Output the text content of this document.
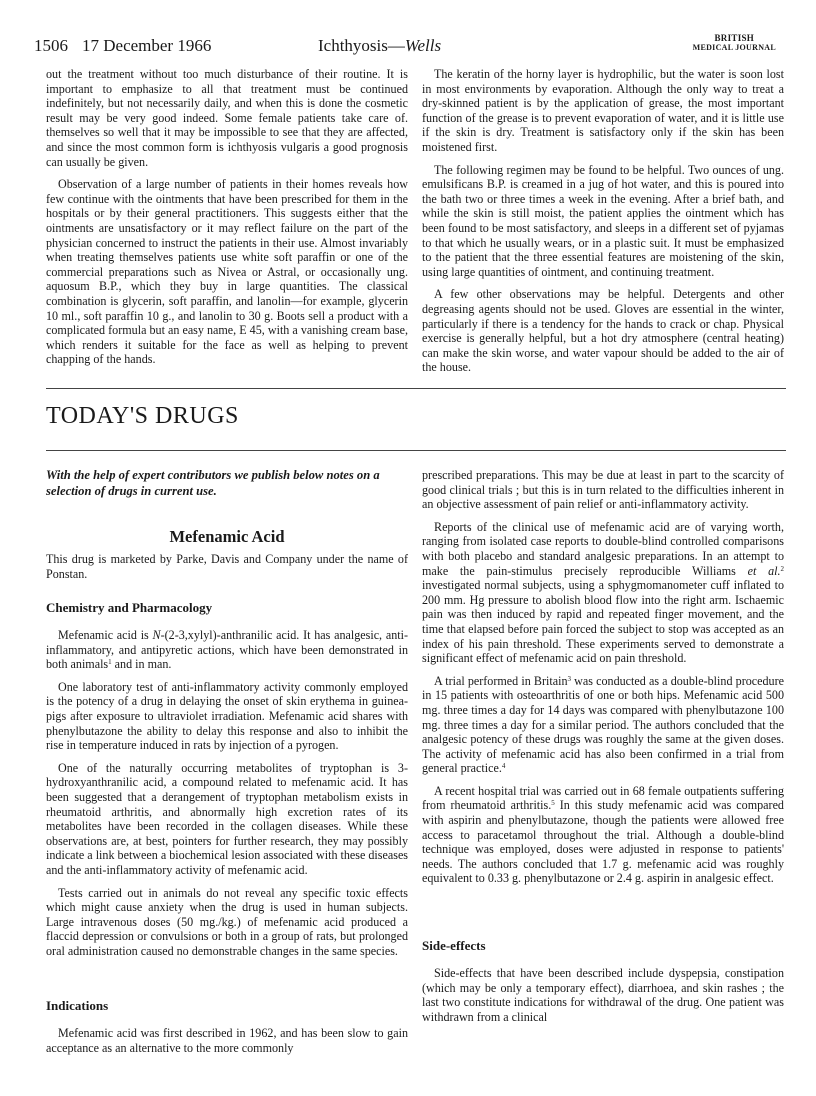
1506 17 December 1966	Ichthyosis—Wells	BRITISH
MEDICAL JOURNAL

out the treatment without too much disturbance of their routine. It is important to emphasize to all that treatment must be continued indefinitely, but not necessarily daily, and when this is done the cosmetic result may be very good indeed. Some female patients take care of. themselves so well that it may be impossible to see that they are affected, and since the most common form is ichthyosis vulgaris a good prognosis can usually be given.

Observation of a large number of patients in their homes reveals how few continue with the ointments that have been prescribed for them in the hospitals or by their general practitioners. This suggests either that the ointments are unsatisfactory or it may reflect failure on the part of the physician concerned to instruct the patients in their use. Almost invariably when treating themselves patients use white soft paraffin or one of the commercial preparations such as Nivea or Astral, or occasionally ung. aquosum B.P., which they buy in large quantities. The classical combination is glycerin, soft paraffin, and lanolin—for example, glycerin 10 ml., soft paraffin 10 g., and lanolin to 30 g. Boots sell a product with a complicated formula but an easy name, E 45, with a vanishing cream base, which renders it suitable for the face as well as helping to prevent chapping of the hands.

The keratin of the horny layer is hydrophilic, but the water is soon lost in most environments by evaporation. Although the only way to treat a dry-skinned patient is by the application of grease, the most important function of the grease is to prevent evaporation of water, and it is little use if the skin is dry. Treatment is satisfactory only if the skin has been moistened first.

The following regimen may be found to be helpful. Two ounces of ung. emulsificans B.P. is creamed in a jug of hot water, and this is poured into the bath two or three times a week in the evening. After a brief bath, and while the skin is still moist, the patient applies the ointment which has been found to be most satisfactory, and sleeps in a different set of pyjamas to that which he usually wears, or in a plastic suit. It must be emphasized to the patient that the three essential features are moistening of the skin, using large quantities of ointment, and continuing treatment.

A few other observations may be helpful. Detergents and other degreasing agents should not be used. Gloves are essential in the winter, particularly if there is a tendency for the hands to crack or chap. Physical exercise is generally helpful, but a hot dry atmosphere (central heating) can make the skin worse, and water vapour should be added to the air of the house.

TODAY'S DRUGS
With the help of expert contributors we publish below notes on a selection of drugs in current use.
Mefenamic Acid

This drug is marketed by Parke, Davis and Company under the name of Ponstan.

Chemistry and Pharmacology

Mefenamic acid is N-(2-3,xylyl)-anthranilic acid. It has analgesic, anti-inflammatory, and antipyretic actions, which have been demonstrated in both animals$^1$ and in man.

One laboratory test of anti-inflammatory activity commonly employed is the potency of a drug in delaying the onset of skin erythema in guinea-pigs after exposure to ultraviolet irradiation. Mefenamic acid shares with phenylbutazone the ability to delay this response and also to inhibit the rise in temperature induced in rats by injection of a pyrogen.

One of the naturally occurring metabolites of tryptophan is 3-hydroxyanthranilic acid, a compound related to mefenamic acid. It has been suggested that a derangement of tryptophan metabolism exists in rheumatoid arthritis, and abnormally high excretion rates of its metabolites have been recorded in the collagen diseases. While these observations are, at best, pointers for further research, they may possibly indicate a link between a biochemical lesion associated with these diseases and the anti-inflammatory activity of mefenamic acid.

Tests carried out in animals do not reveal any specific toxic effects which might cause anxiety when the drug is used in human subjects. Large intravenous doses (50 mg./kg.) of mefenamic acid produced a flaccid depression or convulsions or both in a group of rats, but prolonged oral administration caused no demonstrable changes in the same species.

Indications

Mefenamic acid was first described in 1962, and has been slow to gain acceptance as an alternative to the more commonly

prescribed preparations. This may be due at least in part to the scarcity of good clinical trials ; but this is in turn related to the difficulties inherent in an objective assessment of pain relief or anti-inflammatory activity.

Reports of the clinical use of mefenamic acid are of varying worth, ranging from isolated case reports to double-blind controlled comparisons with both placebo and standard analgesic preparations. In an attempt to make the pain-stimulus precisely reproducible Williams et al.$^2$ investigated normal subjects, using a sphygmomanometer cuff inflated to 200 mm. Hg pressure to abolish blood flow into the right arm. Ischaemic pain was then induced by rapid and repeated finger movement, and the time that elapsed before pain forced the subject to stop was accepted as an index of his pain threshold. These experiments served to demonstrate a significant effect of mefenamic acid on pain threshold.

A trial performed in Britain$^3$ was conducted as a double-blind procedure in 15 patients with osteoarthritis of one or both hips. Mefenamic acid 500 mg. three times a day for 14 days was compared with phenylbutazone 100 mg. three times a day for a similar period. The authors concluded that the analgesic potency of these drugs was roughly the same at the given doses. The activity of mefenamic acid has also been confirmed in a trial from general practice.$^4$

A recent hospital trial was carried out in 68 female outpatients suffering from rheumatoid arthritis.$^5$ In this study mefenamic acid was compared with aspirin and phenylbutazone, though the patients were allowed free access to paracetamol throughout the trial. Although a double-blind technique was employed, doses were adjusted in response to patients' needs. The authors concluded that 1.7 g. mefenamic acid was roughly equivalent to 0.33 g. phenylbutazone or 2.4 g. aspirin in analgesic effect.

Side-effects

Side-effects that have been described include dyspepsia, constipation (which may be only a temporary effect), diarrhoea, and skin rashes ; the last two constitute indications for withdrawal of the drug. One patient was withdrawn from a clinical
